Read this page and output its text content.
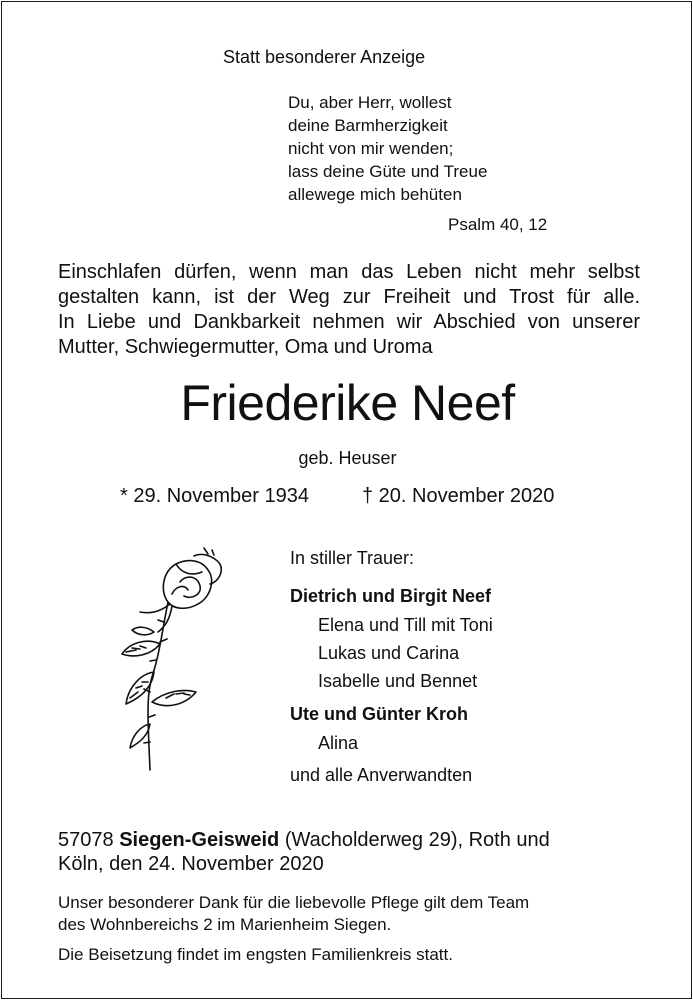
Statt besonderer Anzeige
Du, aber Herr, wollest
deine Barmherzigkeit
nicht von mir wenden;
lass deine Güte und Treue
allewege mich behüten
Psalm 40, 12
Einschlafen dürfen, wenn man das Leben nicht mehr selbst
gestalten kann, ist der Weg zur Freiheit und Trost für alle.
In Liebe und Dankbarkeit nehmen wir Abschied von unserer
Mutter, Schwiegermutter, Oma und Uroma
Friederike Neef
geb. Heuser
* 29. November 1934	† 20. November 2020
In stiller Trauer:
Dietrich und Birgit Neef
Elena und Till mit Toni
Lukas und Carina
Isabelle und Bennet
Ute und Günter Kroh
Alina
und alle Anverwandten
57078 Siegen-Geisweid (Wacholderweg 29), Roth und
Köln, den 24. November 2020
Unser besonderer Dank für die liebevolle Pflege gilt dem Team
des Wohnbereichs 2 im Marienheim Siegen.
Die Beisetzung findet im engsten Familienkreis statt.
